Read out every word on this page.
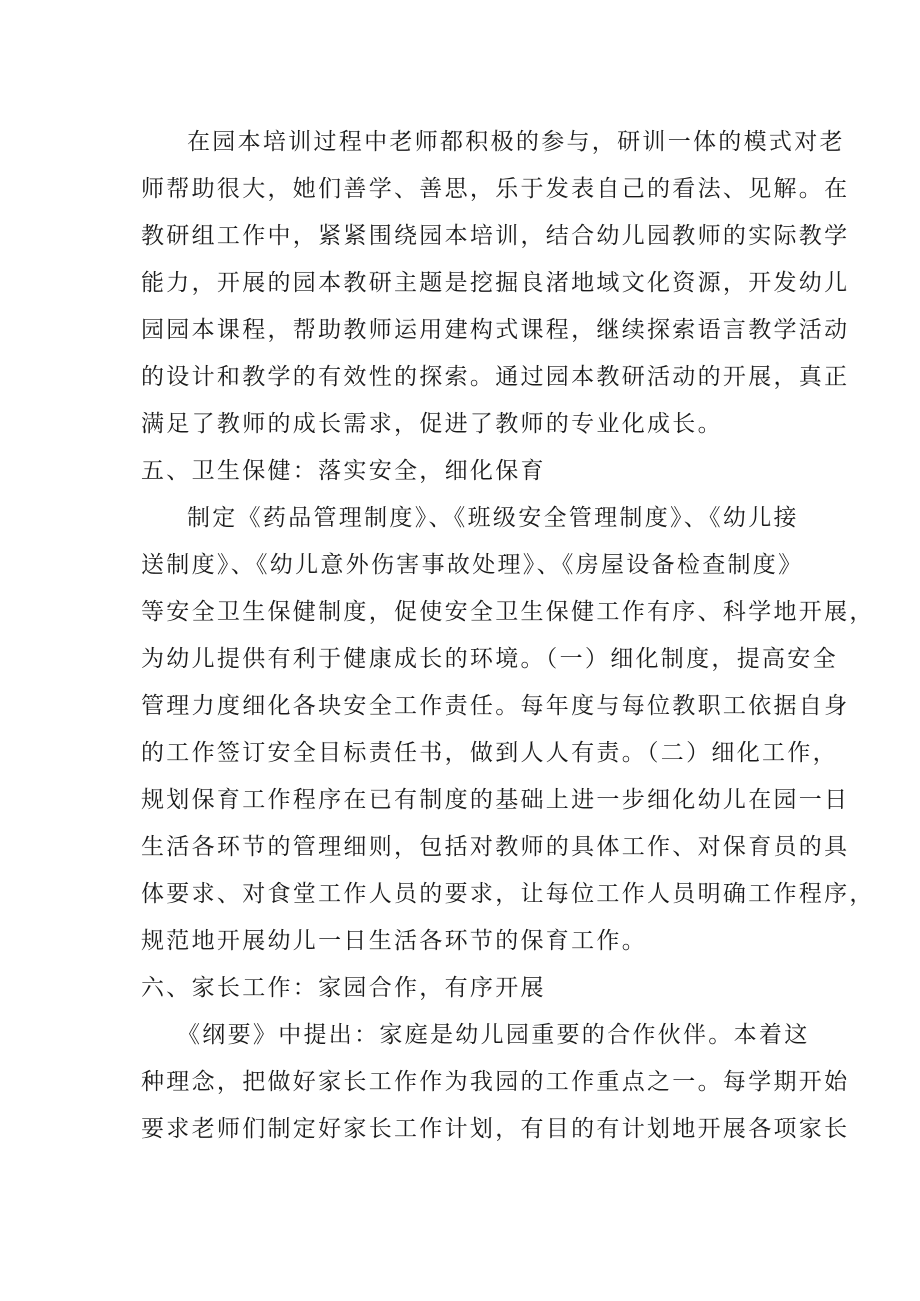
在园本培训过程中老师都积极的参与，研训一体的模式对老
师帮助很大，她们善学、善思，乐于发表自己的看法、见解。在
教研组工作中，紧紧围绕园本培训，结合幼儿园教师的实际教学
能力，开展的园本教研主题是挖掘良渚地域文化资源，开发幼儿
园园本课程，帮助教师运用建构式课程，继续探索语言教学活动
的设计和教学的有效性的探索。通过园本教研活动的开展，真正
满足了教师的成长需求，促进了教师的专业化成长。
五、卫生保健：落实安全，细化保育
制定《药品管理制度》、《班级安全管理制度》、《幼儿接
送制度》、《幼儿意外伤害事故处理》、《房屋设备检查制度》
等安全卫生保健制度，促使安全卫生保健工作有序、科学地开展，
为幼儿提供有利于健康成长的环境。（一）细化制度，提高安全
管理力度细化各块安全工作责任。每年度与每位教职工依据自身
的工作签订安全目标责任书，做到人人有责。（二）细化工作，
规划保育工作程序在已有制度的基础上进一步细化幼儿在园一日
生活各环节的管理细则，包括对教师的具体工作、对保育员的具
体要求、对食堂工作人员的要求，让每位工作人员明确工作程序，
规范地开展幼儿一日生活各环节的保育工作。
六、家长工作：家园合作，有序开展
《纲要》中提出：家庭是幼儿园重要的合作伙伴。本着这
种理念，把做好家长工作作为我园的工作重点之一。每学期开始
要求老师们制定好家长工作计划，有目的有计划地开展各项家长
